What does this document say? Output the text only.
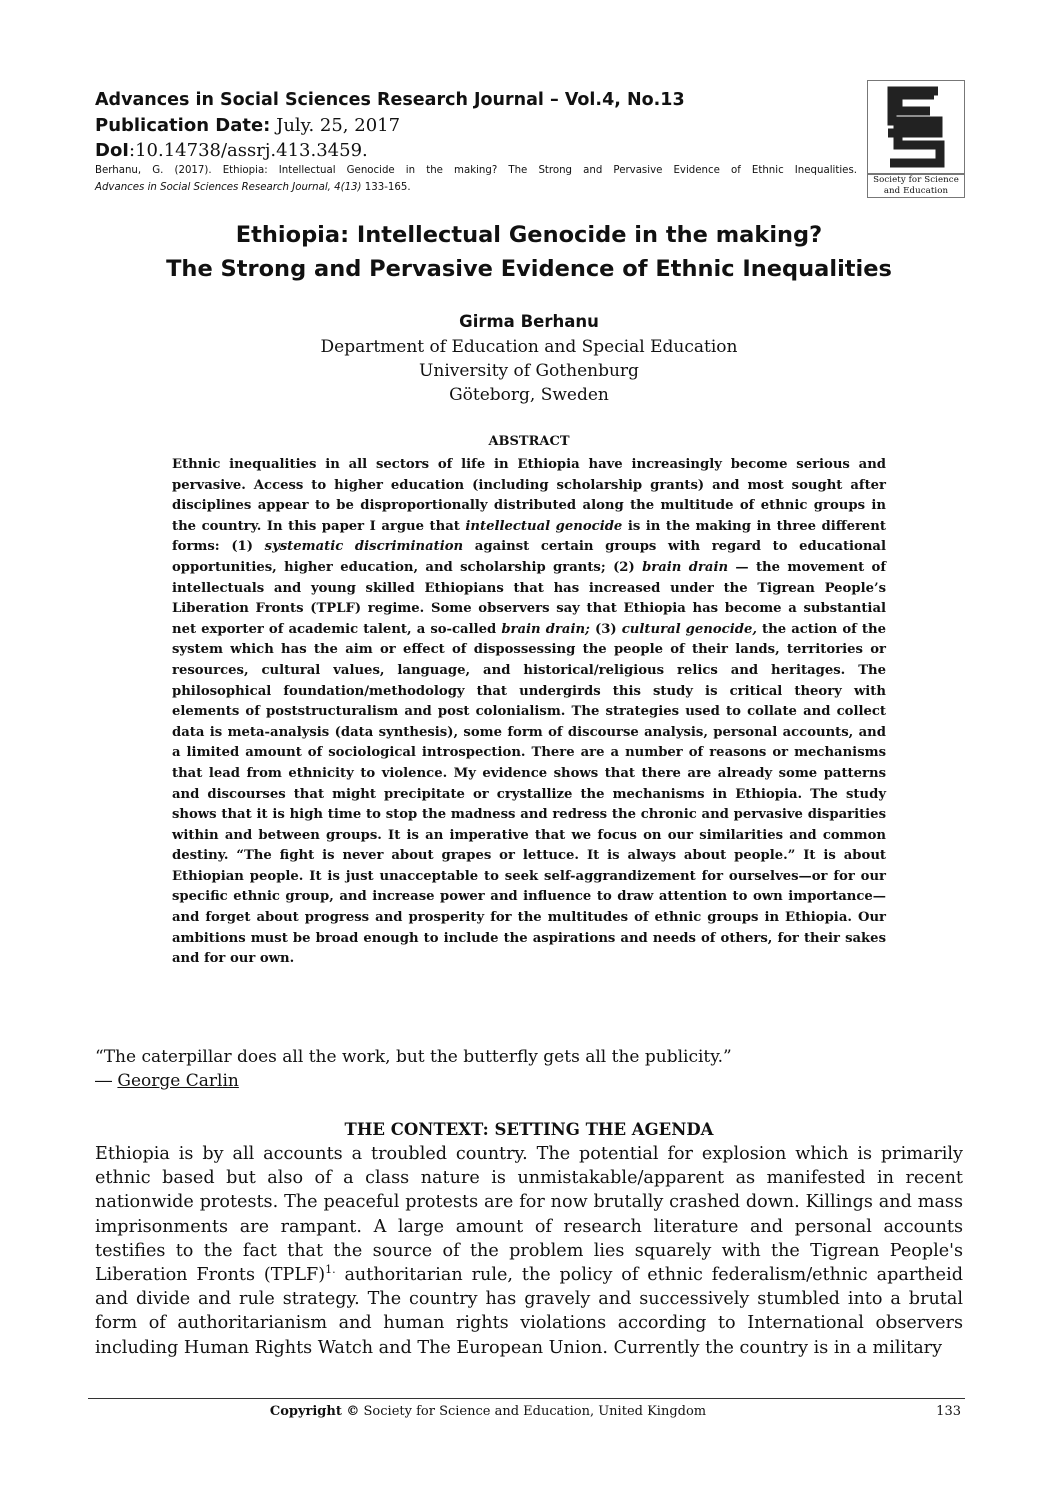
Advances in Social Sciences Research Journal – Vol.4, No.13
Publication Date: July. 25, 2017
DoI:10.14738/assrj.413.3459.
Berhanu, G. (2017). Ethiopia: Intellectual Genocide in the making? The Strong and Pervasive Evidence of Ethnic Inequalities.
Advances in Social Sciences Research Journal, 4(13) 133-165.
Society for Science
and Education
Ethiopia: Intellectual Genocide in the making?
The Strong and Pervasive Evidence of Ethnic Inequalities
Girma Berhanu
Department of Education and Special Education
University of Gothenburg
Göteborg, Sweden
ABSTRACT

Ethnic inequalities in all sectors of life in Ethiopia have increasingly become serious and pervasive. Access to higher education (including scholarship grants) and most sought after disciplines appear to be disproportionally distributed along the multitude of ethnic groups in the country. In this paper I argue that intellectual genocide is in the making in three different forms: (1) systematic discrimination against certain groups with regard to educational opportunities, higher education, and scholarship grants; (2) brain drain — the movement of intellectuals and young skilled Ethiopians that has increased under the Tigrean People’s Liberation Fronts (TPLF) regime. Some observers say that Ethiopia has become a substantial net exporter of academic talent, a so-called brain drain; (3) cultural genocide, the action of the system which has the aim or effect of dispossessing the people of their lands, territories or resources, cultural values, language, and historical/religious relics and heritages. The philosophical foundation/methodology that undergirds this study is critical theory with elements of poststructuralism and post colonialism. The strategies used to collate and collect data is meta-analysis (data synthesis), some form of discourse analysis, personal accounts, and a limited amount of sociological introspection. There are a number of reasons or mechanisms that lead from ethnicity to violence. My evidence shows that there are already some patterns and discourses that might precipitate or crystallize the mechanisms in Ethiopia. The study shows that it is high time to stop the madness and redress the chronic and pervasive disparities within and between groups. It is an imperative that we focus on our similarities and common destiny. “The fight is never about grapes or lettuce. It is always about people.” It is about Ethiopian people. It is just unacceptable to seek self-aggrandizement for ourselves—or for our specific ethnic group, and increase power and influence to draw attention to own importance—and forget about progress and prosperity for the multitudes of ethnic groups in Ethiopia. Our ambitions must be broad enough to include the aspirations and needs of others, for their sakes and for our own.

“The caterpillar does all the work, but the butterfly gets all the publicity.”
― George Carlin
THE CONTEXT: SETTING THE AGENDA

Ethiopia is by all accounts a troubled country. The potential for explosion which is primarily ethnic based but also of a class nature is unmistakable/apparent as manifested in recent nationwide protests. The peaceful protests are for now brutally crashed down. Killings and mass imprisonments are rampant. A large amount of research literature and personal accounts testifies to the fact that the source of the problem lies squarely with the Tigrean People's Liberation Fronts (TPLF)$^{1.}$ authoritarian rule, the policy of ethnic federalism/ethnic apartheid and divide and rule strategy. The country has gravely and successively stumbled into a brutal form of authoritarianism and human rights violations according to International observers including Human Rights Watch and The European Union. Currently the country is in a military

Copyright © Society for Science and Education, United Kingdom	133
